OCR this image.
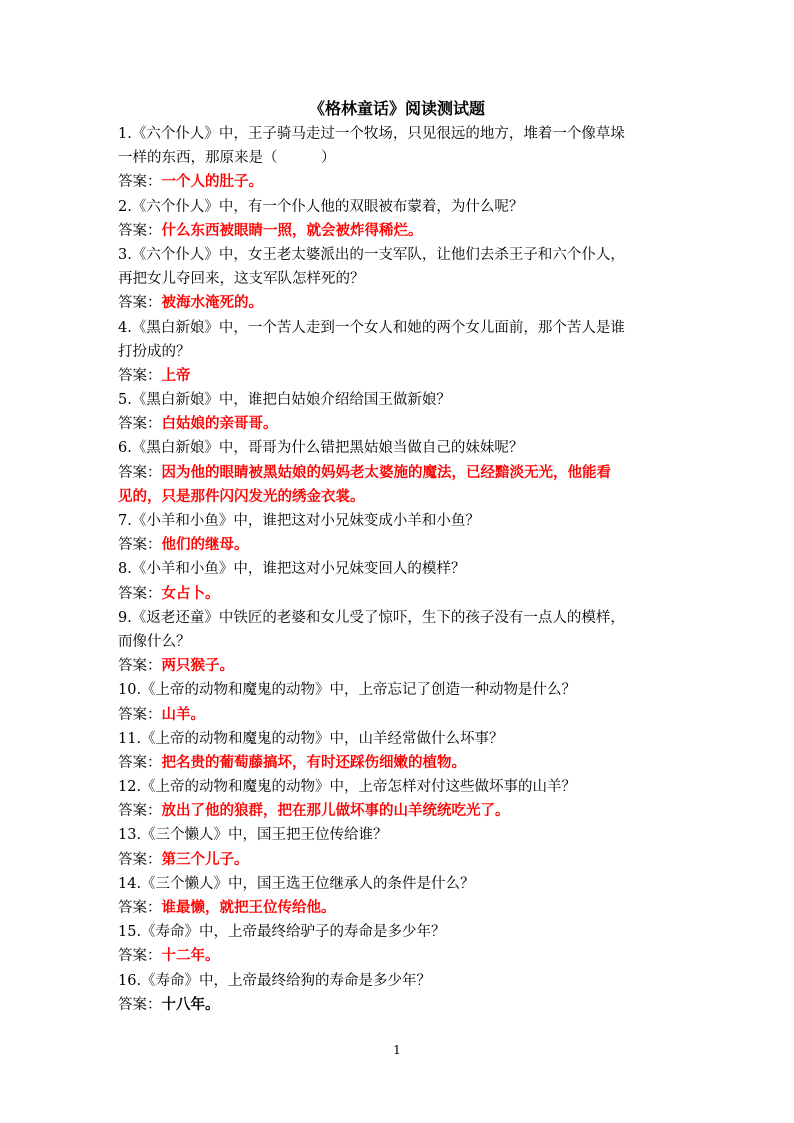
《格林童话》阅读测试题
1.《六个仆人》中，王子骑马走过一个牧场，只见很远的地方，堆着一个像草垛
一样的东西，那原来是（　　　）
答案：一个人的肚子。
2.《六个仆人》中，有一个仆人他的双眼被布蒙着，为什么呢？
答案：什么东西被眼睛一照，就会被炸得稀烂。
3.《六个仆人》中，女王老太婆派出的一支军队，让他们去杀王子和六个仆人，
再把女儿夺回来，这支军队怎样死的？
答案：被海水淹死的。
4.《黑白新娘》中，一个苦人走到一个女人和她的两个女儿面前，那个苦人是谁
打扮成的？
答案：上帝
5.《黑白新娘》中，谁把白姑娘介绍给国王做新娘？
答案：白姑娘的亲哥哥。
6.《黑白新娘》中，哥哥为什么错把黑姑娘当做自己的妹妹呢？
答案：因为他的眼睛被黑姑娘的妈妈老太婆施的魔法，已经黯淡无光，他能看
见的，只是那件闪闪发光的绣金衣裳。
7.《小羊和小鱼》中，谁把这对小兄妹变成小羊和小鱼？
答案：他们的继母。
8.《小羊和小鱼》中，谁把这对小兄妹变回人的模样？
答案：女占卜。
9.《返老还童》中铁匠的老婆和女儿受了惊吓，生下的孩子没有一点人的模样，
而像什么？
答案：两只猴子。
10.《上帝的动物和魔鬼的动物》中，上帝忘记了创造一种动物是什么？
答案：山羊。
11.《上帝的动物和魔鬼的动物》中，山羊经常做什么坏事？
答案：把名贵的葡萄藤搞坏，有时还踩伤细嫩的植物。
12.《上帝的动物和魔鬼的动物》中，上帝怎样对付这些做坏事的山羊？
答案：放出了他的狼群，把在那儿做坏事的山羊统统吃光了。
13.《三个懒人》中，国王把王位传给谁？
答案：第三个儿子。
14.《三个懒人》中，国王选王位继承人的条件是什么？
答案：谁最懒，就把王位传给他。
15.《寿命》中，上帝最终给驴子的寿命是多少年？
答案：十二年。
16.《寿命》中，上帝最终给狗的寿命是多少年？
答案：十八年。
1
